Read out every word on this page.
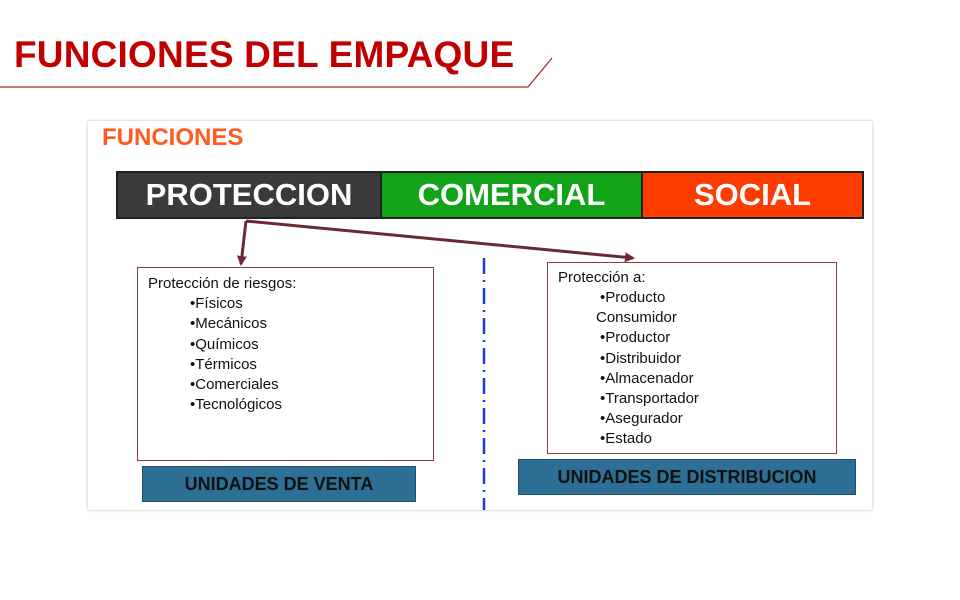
FUNCIONES DEL EMPAQUE
FUNCIONES
PROTECCION	COMERCIAL	SOCIAL
Protección de riesgos:
•Físicos
•Mecánicos
•Químicos
•Térmicos
•Comerciales
•Tecnológicos
Protección a:
•Producto
Consumidor
•Productor
•Distribuidor
•Almacenador
•Transportador
•Asegurador
•Estado
UNIDADES DE VENTA	UNIDADES DE DISTRIBUCION
